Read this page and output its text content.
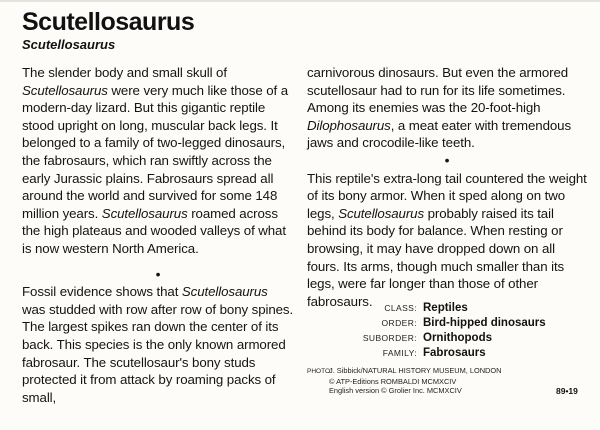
Scutellosaurus
Scutellosaurus

The slender body and small skull of Scutellosaurus were very much like those of a modern-day lizard. But this gigantic reptile stood upright on long, muscular back legs. It belonged to a family of two-legged dinosaurs, the fabrosaurs, which ran swiftly across the early Jurassic plains. Fabrosaurs spread all around the world and survived for some 148 million years. Scutellosaurus roamed across the high plateaus and wooded valleys of what is now western North America.

•

Fossil evidence shows that Scutellosaurus was studded with row after row of bony spines. The largest spikes ran down the center of its back. This species is the only known armored fabrosaur. The scutellosaur's bony studs protected it from attack by roaming packs of small,

carnivorous dinosaurs. But even the armored scutellosaur had to run for its life sometimes. Among its enemies was the 20-foot-high Dilophosaurus, a meat eater with tremendous jaws and crocodile-like teeth.

•

This reptile's extra-long tail countered the weight of its bony armor. When it sped along on two legs, Scutellosaurus probably raised its tail behind its body for balance. When resting or browsing, it may have dropped down on all fours. Its arms, though much smaller than its legs, were far longer than those of other fabrosaurs.	CLASS: Reptiles
ORDER: Bird-hipped dinosaurs
SUBORDER: Ornithopods
FAMILY: Fabrosaurs
PHOTO:J. Sibbick/NATURAL HISTORY MUSEUM, LONDON
© ATP-Editions ROMBALDI MCMXCIV
English version © Grolier Inc. MCMXCIV	89•19
